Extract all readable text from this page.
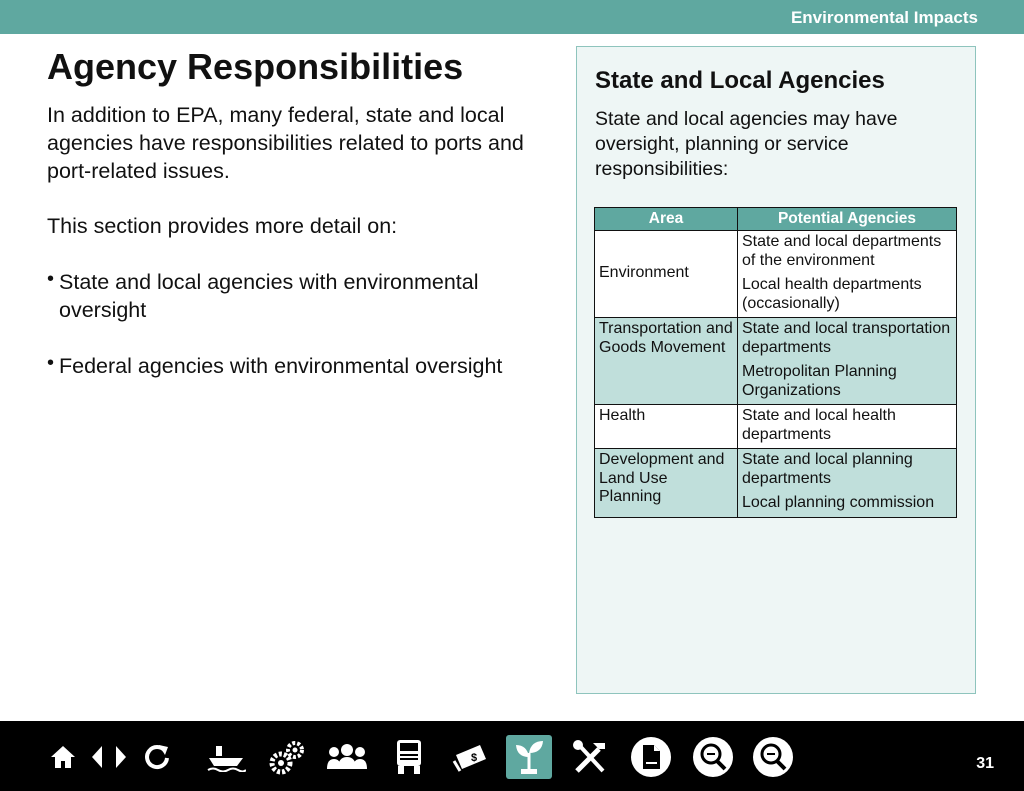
Environmental Impacts
Agency Responsibilities

In addition to EPA, many federal, state and local agencies have responsibilities related to ports and port-related issues.

This section provides more detail on:

• State and local agencies with environmental oversight
• Federal agencies with environmental oversight
State and Local Agencies

State and local agencies may have oversight, planning or service responsibilities:

Area	Potential Agencies
Environment	State and local departments of the environment

Local health departments (occasionally)

Transportation and Goods Movement	State and local transportation departments

Metropolitan Planning Organizations

Health	State and local health departments

Development and Land Use Planning	State and local planning departments

Local planning commission

$	31
